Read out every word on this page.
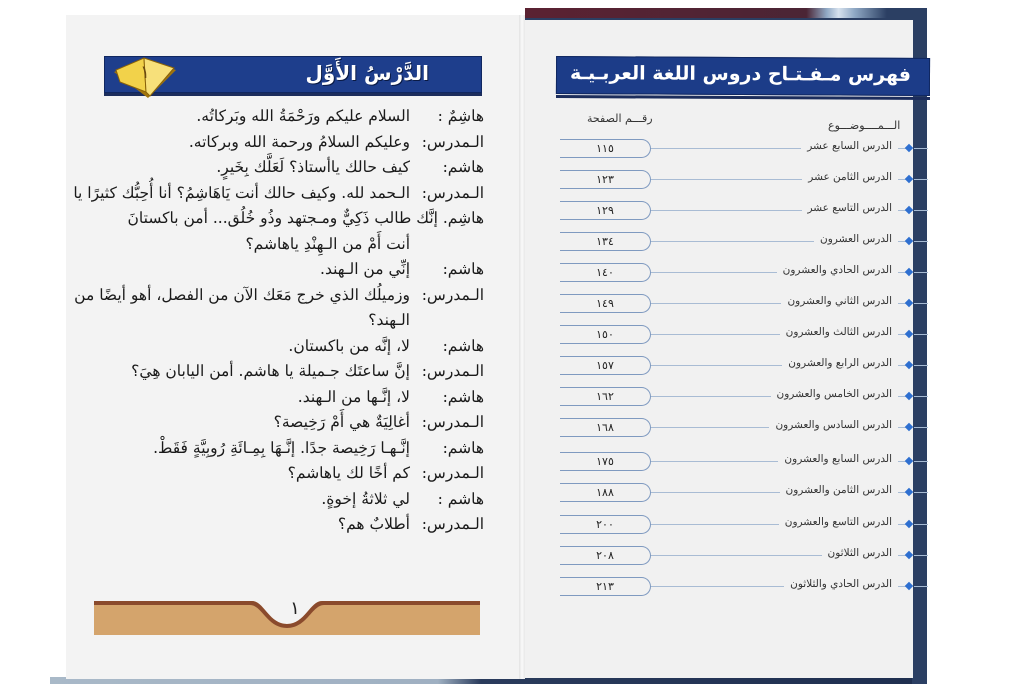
الدَّرْسُ الأَوَّل
١
هاشِمٌ :
السلام عليكم ورَحْمَةُ الله وبَركاتُه.
الـمدرس:
وعليكم السلامُ ورحمة الله وبركاته.
هاشم:
كيف حالك ياأستاذ؟ لَعَلَّك بِخَيرٍ.
الـمدرس:
الـحمد لله. وكيف حالك أنت يَاهَاشِمُ؟ أنا أُحِبُّك كثيرًا يا
هاشِم. إنَّك طالب ذَكِيٌّ ومـجتهد وذُو خُلُق... أمن باكستانَ
أنت أَمْ من الـهِنْدِ ياهاشم؟
هاشم:
إنِّي من الـهند.
الـمدرس:
وزميلُك الذي خرج مَعَك الآن من الفصل، أهو أيضًا من
الـهند؟
هاشم:
لا، إنَّه من باكستان.
الـمدرس:
إنَّ ساعتَك جـميلة يا هاشم. أمن اليابان هِيَ؟
هاشم:
لا، إنَّـها من الـهند.
الـمدرس:
أغالِيَةٌ هي أَمْ رَخِيصة؟
هاشم:
إنَّـهـا رَخِيصة جدًا. إنَّـهَا بِمِـائَةِ رُوبِيَّةٍ فَقَطْ.
الـمدرس:
كم أخًا لك ياهاشم؟
هاشم :
لي ثلاثةُ إخوةٍ.
الـمدرس:
أطلابٌ هم؟
١
فهرس مـفـتـاح دروس اللغة العربـيـة
الـــمــــوضـــوع
رقـــم الصفحة
١١٥	الدرس السابع عشر
١٢٣	الدرس الثامن عشر
١٢٩	الدرس التاسع عشر
١٣٤	الدرس العشرون
١٤٠	الدرس الحادي والعشرون
١٤٩	الدرس الثاني والعشرون
١٥٠	الدرس الثالث والعشرون
١٥٧	الدرس الرابع والعشرون
١٦٢	الدرس الخامس والعشرون
١٦٨	الدرس السادس والعشرون
١٧٥	الدرس السابع والعشرون
١٨٨	الدرس الثامن والعشرون
٢٠٠	الدرس التاسع والعشرون
٢٠٨	الدرس الثلاثون
٢١٣	الدرس الحادي والثلاثون
